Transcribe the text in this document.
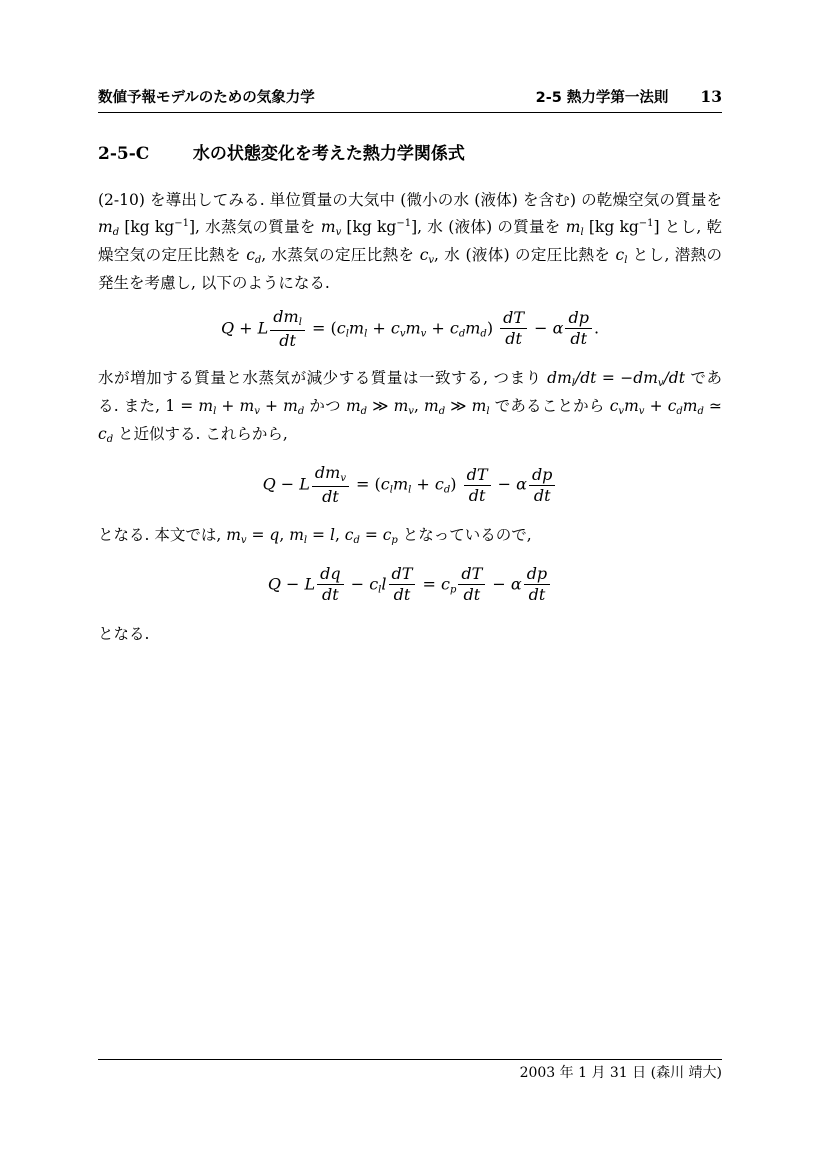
数値予報モデルのための気象力学	2-5 熱力学第一法則 13
2-5-C	水の状態変化を考えた熱力学関係式

(2-10) を導出してみる. 単位質量の大気中 (微小の水 (液体) を含む) の乾燥空気の質量を md [kg $kg^{-1}$], 水蒸気の質量を mv [kg $kg^{-1}$], 水 (液体) の質量を ml [kg $kg^{-1}$] とし, 乾燥空気の定圧比熱を cd, 水蒸気の定圧比熱を cv, 水 (液体) の定圧比熱を cl とし, 潜熱の発生を考慮し, 以下のようになる.

Q + L $\frac{\text{dml}}{dt}$ = (clml + cvmv + cdmd) $\frac{dT}{dt} - \alpha \frac{dp}{dt}$ .

水が増加する質量と水蒸気が減少する質量は一致する, つまり dml/dt = −dmv/dt である. また, 1 = ml + mv + md かつ md ≫ mv, md ≫ ml であることから cvmv + cdmd ≃ cd と近似する. これらから,

Q − L $\frac{\text{dmv}}{dt}$ = (clml + $cd) \frac{dT}{dt} - \alpha \frac{dp}{dt}$

となる. 本文では, mv = q, ml = l, cd = cp となっているので,

Q − L $\frac{dq}{dt}$ − cll $\frac{dT}{dt}$ = cp $\frac{dT}{dt} - \alpha \frac{dp}{dt}$

となる.

2003 年 1 月 31 日 (森川 靖大)
